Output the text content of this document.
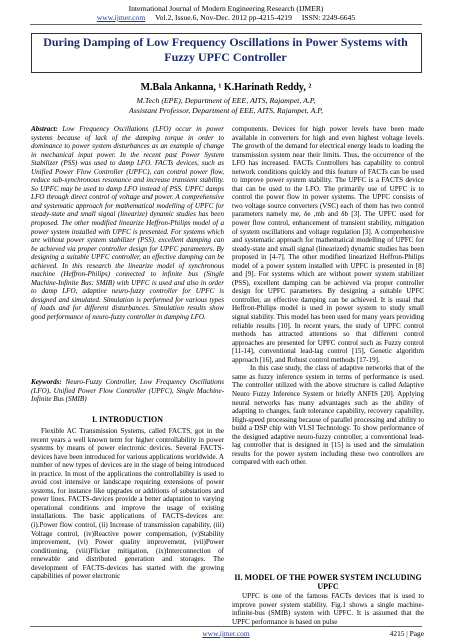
International Journal of Modern Engineering Research (IJMER)
www.ijmer.com Vol.2, Issue.6, Nov-Dec. 2012 pp-4215-4219 ISSN: 2249-6645
During Damping of Low Frequency Oscillations in Power Systems with Fuzzy UPFC Controller
M.Bala Ankanna, ¹ K.Harinath Reddy, ²
M.Tech (EPE), Department of EEE, AITS, Rajampet, A.P,
Assistant Professor, Department of EEE, AITS, Rajampet, A.P,
Abstract: Low Frequency Oscillations (LFO) occur in power systems because of lack of the damping torque in order to dominance to power system disturbances as an example of change in mechanical input power. In the recent past Power System Stabilizer (PSS) was used to damp LFO. FACTs devices, such as Unified Power Flow Controller (UPFC), can control power flow, reduce sub-synchronous resonance and increase transient stability. So UPFC may be used to damp LFO instead of PSS. UPFC damps LFO through direct control of voltage and power. A comprehensive and systematic approach for mathematical modelling of UPFC for steady-state and small signal (linearize) dynamic studies has been proposed. The other modified linearize Heffron-Philips model of a power system installed with UPFC is presented. For systems which are without power system stabilizer (PSS), excellent damping can be achieved via proper controller design for UPFC parameters. By designing a suitable UPFC controller, an effective damping can be achieved. In this research the linearize model of synchronous machine (Heffron-Philips) connected to infinite bus (Single Machine-Infinite Bus: SMIB) with UPFC is used and also in order to damp LFO, adaptive neuro-fuzzy controller for UPFC is designed and simulated. Simulation is performed for various types of loads and for different disturbances. Simulation results show good performance of neuro-fuzzy controller in damping LFO.
Keywords: Neuro-Fuzzy Controller, Low Frequency Oscillations (LFO), Unified Power Flow Controller (UPFC), Single Machine-Infinite Bus (SMIB)
I. INTRODUCTION

Flexible AC Transmission Systems, called FACTS, got in the recent years a well known term for higher controllability in power systems by means of power electronic devices. Several FACTS-devices have been introduced for various applications worldwide. A number of new types of devices are in the stage of being introduced in practice. In most of the applications the controllability is used to avoid cost intensive or landscape requiring extensions of power systems, for instance like upgrades or additions of substations and power lines. FACTS-devices provide a better adaptation to varying operational conditions and improve the usage of existing installations. The basic applications of FACTS-devices are: (i).Power flow control, (ii) Increase of transmission capability, (iii) Voltage control, (iv)Reactive power compensation, (v)Stability improvement, (vi) Power quality improvement, (vii)Power conditioning, (viii)Flicker mitigation, (ix)Interconnection of renewable and distributed generation and storages. The development of FACTS-devices has started with the growing capabilities of power electronic

components. Devices for high power levels have been made available in converters for high and even highest voltage levels. The growth of the demand for electrical energy leads to loading the transmission system near their limits. Thus, the occurrence of the LFO has increased. FACTs Controllers has capability to control network conditions quickly and this feature of FACTs can be used to improve power system stability. The UPFC is a FACTS device that can be used to the LFO. The primarily use of UPFC is to control the power flow in power systems. The UPFC consists of two voltage source converters (VSC) each of them has two control parameters namely me, δe ,mb and δb [3]. The UPFC used for power flow control, enhancement of transient stability, mitigation of system oscillations and voltage regulation [3]. A comprehensive and systematic approach for mathematical modelling of UPFC for steady-state and small signal (linearized) dynamic studies has been proposed in [4-7]. The other modified linearized Heffron-Philips model of a power system installed with UPFC is presented in [8] and [9]. For systems which are without power system stabilizer (PSS), excellent damping can be achieved via proper controller design for UPFC parameters. By designing a suitable UPFC controller, an effective damping can be achieved. It is usual that Heffron-Philips model is used in power system to study small signal stability. This model has been used for many years providing reliable results [10]. In recent years, the study of UPFC control methods has attracted attentions so that different control approaches are presented for UPFC control such as Fuzzy control [11-14], conventional lead-lag control [15], Genetic algorithm approach [16], and Robust control methods [17-19].

In this case study, the class of adaptive networks that of the same as fuzzy inference system in terms of performance is used. The controller utilized with the above structure is called Adaptive Neuro Fuzzy Inference System or briefly ANFIS [20]. Applying neural networks has many advantages such as the ability of adapting to changes, fault tolerance capability, recovery capability, High-speed processing because of parallel processing and ability to build a DSP chip with VLSI Technology. To show performance of the designed adaptive neuro-fuzzy controller, a conventional lead-lag controller that is designed in [15] is used and the simulation results for the power system including these two controllers are compared with each other.

II. MODEL OF THE POWER SYSTEM INCLUDING UPFC

UPFC is one of the famous FACTs devices that is used to improve power system stability. Fig.1 shows a single machine- infinite-bus (SMIB) system with UPFC. It is assumed that the UPFC performance is based on pulse

www.ijmer.com	4215 | Page
